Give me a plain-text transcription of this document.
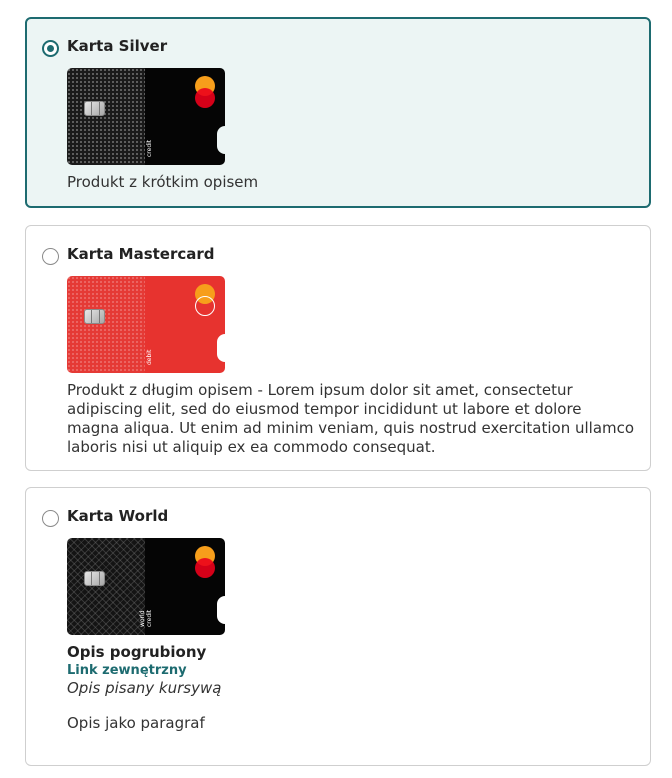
Karta Silver
credit
Produkt z krótkim opisem
Karta Mastercard
debit
Produkt z długim opisem - Lorem ipsum dolor sit amet, consectetur adipiscing elit, sed do eiusmod tempor incididunt ut labore et dolore magna aliqua. Ut enim ad minim veniam, quis nostrud exercitation ullamco laboris nisi ut aliquip ex ea commodo consequat.
Karta World
world
credit
Opis pogrubiony
Link zewnętrzny
Opis pisany kursywą
Opis jako paragraf
